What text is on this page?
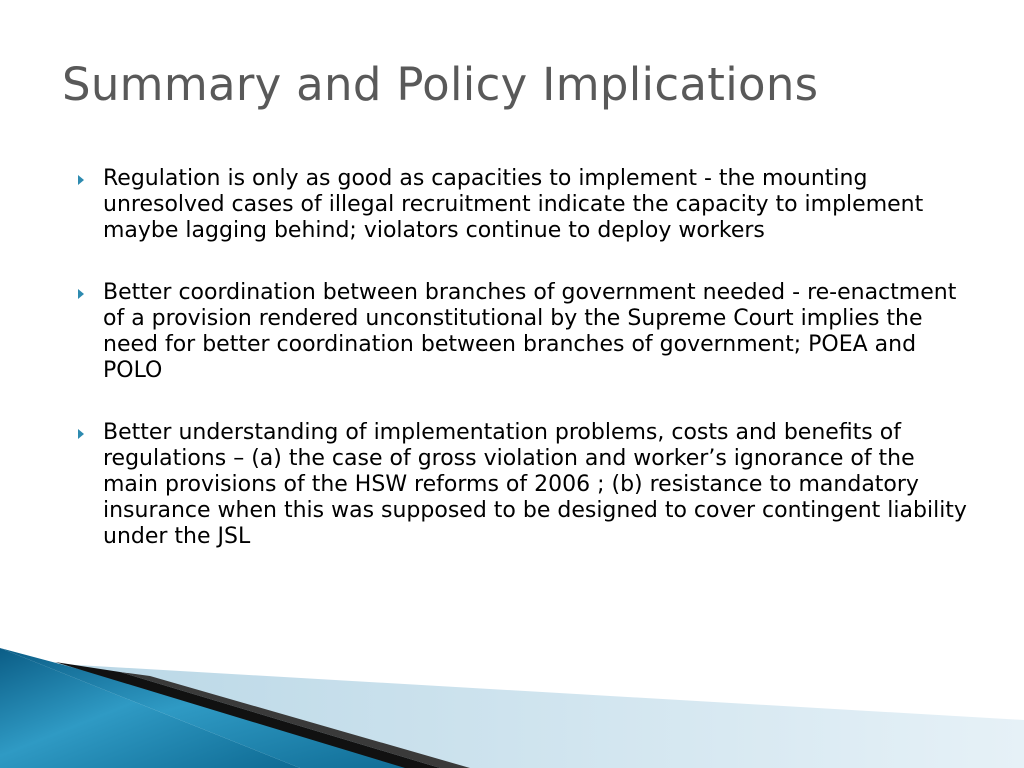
Summary and Policy Implications
Regulation is only as good as capacities to implement - the mounting unresolved cases of illegal recruitment indicate the capacity to implement maybe lagging behind; violators continue to deploy workers
Better coordination between branches of government needed - re-enactment of a provision rendered unconstitutional by the Supreme Court implies the need for better coordination between branches of government; POEA and POLO
Better understanding of implementation problems, costs and benefits of regulations – (a) the case of gross violation and worker’s ignorance of the main provisions of the HSW reforms of 2006 ; (b) resistance to mandatory insurance when this was supposed to be designed to cover contingent liability under the JSL
